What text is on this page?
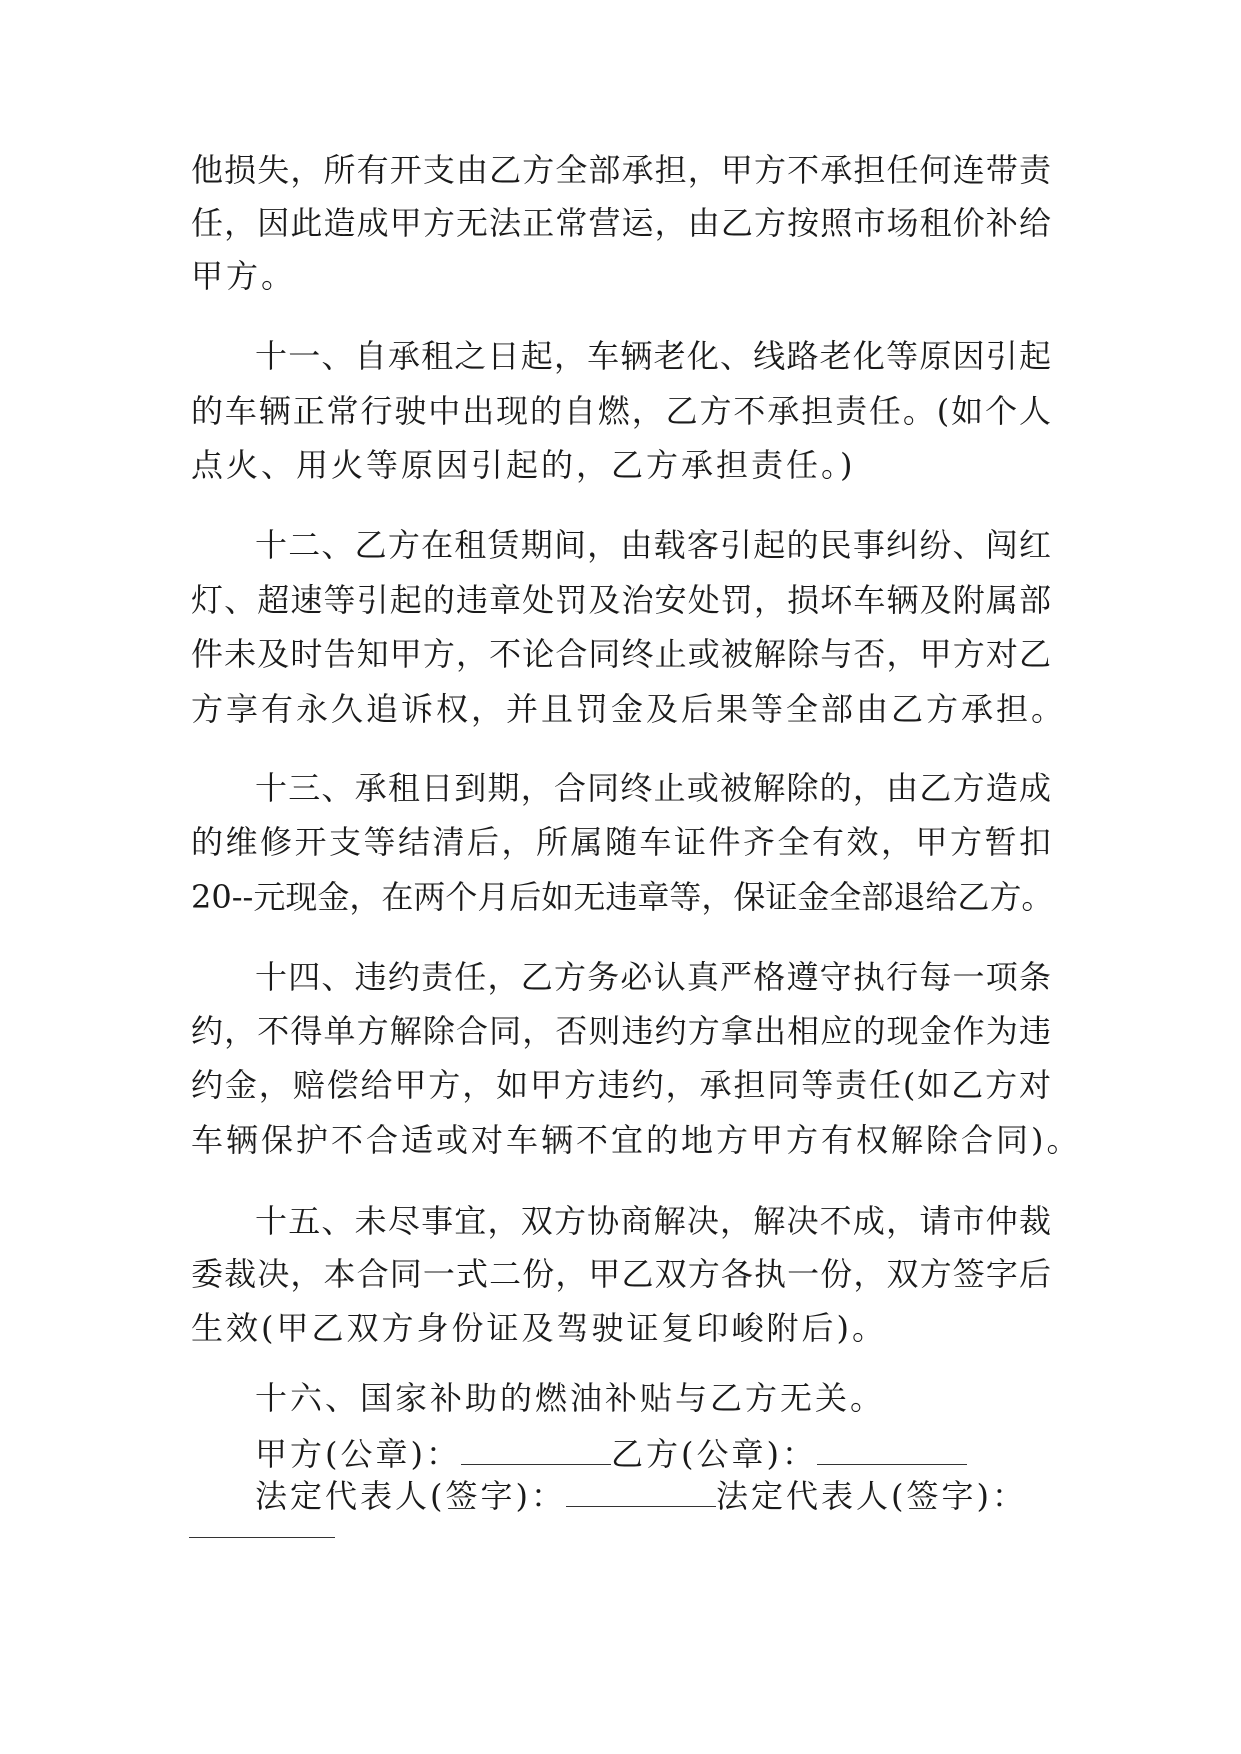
他损失，所有开支由乙方全部承担，甲方不承担任何连带责
任，因此造成甲方无法正常营运，由乙方按照市场租价补给
甲方。
十一、自承租之日起，车辆老化、线路老化等原因引起
的车辆正常行驶中出现的自燃，乙方不承担责任。(如个人
点火、用火等原因引起的，乙方承担责任。)
十二、乙方在租赁期间，由载客引起的民事纠纷、闯红
灯、超速等引起的违章处罚及治安处罚，损坏车辆及附属部
件未及时告知甲方，不论合同终止或被解除与否，甲方对乙
方享有永久追诉权，并且罚金及后果等全部由乙方承担。
十三、承租日到期，合同终止或被解除的，由乙方造成
的维修开支等结清后，所属随车证件齐全有效，甲方暂扣
20--元现金，在两个月后如无违章等，保证金全部退给乙方。
十四、违约责任，乙方务必认真严格遵守执行每一项条
约，不得单方解除合同，否则违约方拿出相应的现金作为违
约金，赔偿给甲方，如甲方违约，承担同等责任(如乙方对
车辆保护不合适或对车辆不宜的地方甲方有权解除合同)。
十五、未尽事宜，双方协商解决，解决不成，请市仲裁
委裁决，本合同一式二份，甲乙双方各执一份，双方签字后
生效(甲乙双方身份证及驾驶证复印峻附后)。
十六、国家补助的燃油补贴与乙方无关。
甲方(公章)：	乙方(公章)：
法定代表人(签字)：	法定代表人(签字)：
